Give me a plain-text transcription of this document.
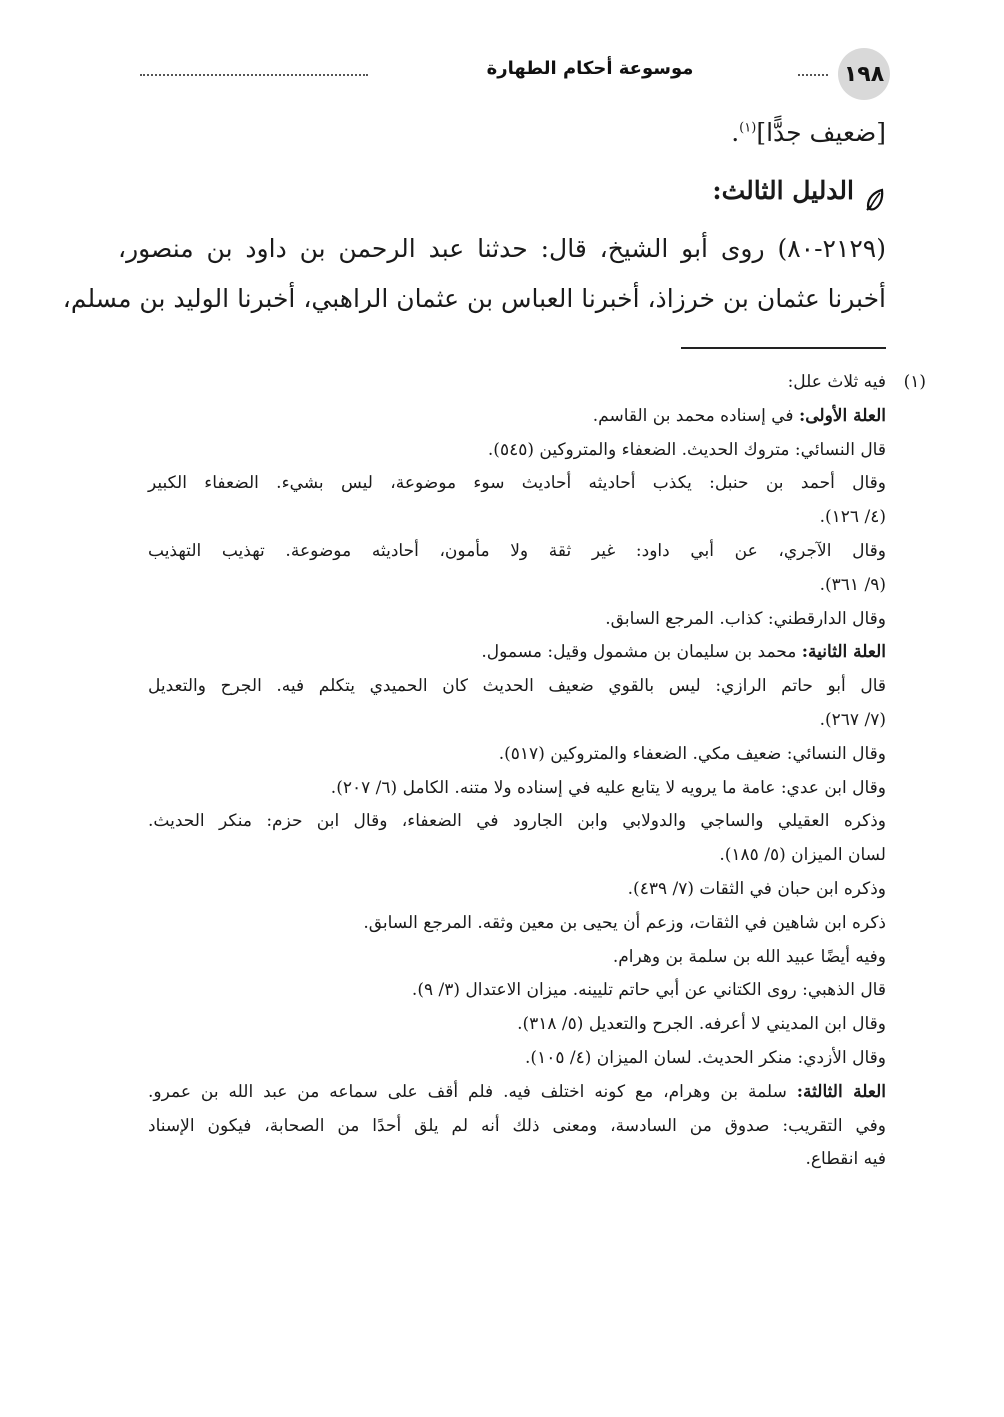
١٩٨
موسوعة أحكام الطهارة
[ضعيف جدًّا]$^{(١)}$.
الدليل الثالث:
(٢١٢٩-٨٠) روى أبو الشيخ، قال: حدثنا عبد الرحمن بن داود بن منصور،
أخبرنا عثمان بن خرزاذ، أخبرنا العباس بن عثمان الراهبي، أخبرنا الوليد بن مسلم،
(١)
فيه ثلاث علل:
العلة الأولى: في إسناده محمد بن القاسم.
قال النسائي: متروك الحديث. الضعفاء والمتروكين (٥٤٥).
وقال أحمد بن حنبل: يكذب أحاديثه أحاديث سوء موضوعة، ليس بشيء. الضعفاء الكبير
(٤/ ١٢٦).
وقال الآجري، عن أبي داود: غير ثقة ولا مأمون، أحاديثه موضوعة. تهذيب التهذيب
(٩/ ٣٦١).
وقال الدارقطني: كذاب. المرجع السابق.
العلة الثانية: محمد بن سليمان بن مشمول وقيل: مسمول.
قال أبو حاتم الرازي: ليس بالقوي ضعيف الحديث كان الحميدي يتكلم فيه. الجرح والتعديل
(٧/ ٢٦٧).
وقال النسائي: ضعيف مكي. الضعفاء والمتروكين (٥١٧).
وقال ابن عدي: عامة ما يرويه لا يتابع عليه في إسناده ولا متنه. الكامل (٦/ ٢٠٧).
وذكره العقيلي والساجي والدولابي وابن الجارود في الضعفاء، وقال ابن حزم: منكر الحديث.
لسان الميزان (٥/ ١٨٥).
وذكره ابن حبان في الثقات (٧/ ٤٣٩).
ذكره ابن شاهين في الثقات، وزعم أن يحيى بن معين وثقه. المرجع السابق.
وفيه أيضًا عبيد الله بن سلمة بن وهرام.
قال الذهبي: روى الكتاني عن أبي حاتم تليينه. ميزان الاعتدال (٣/ ٩).
وقال ابن المديني لا أعرفه. الجرح والتعديل (٥/ ٣١٨).
وقال الأزدي: منكر الحديث. لسان الميزان (٤/ ١٠٥).
العلة الثالثة: سلمة بن وهرام، مع كونه اختلف فيه. فلم أقف على سماعه من عبد الله بن عمرو.
وفي التقريب: صدوق من السادسة، ومعنى ذلك أنه لم يلق أحدًا من الصحابة، فيكون الإسناد
فيه انقطاع.
